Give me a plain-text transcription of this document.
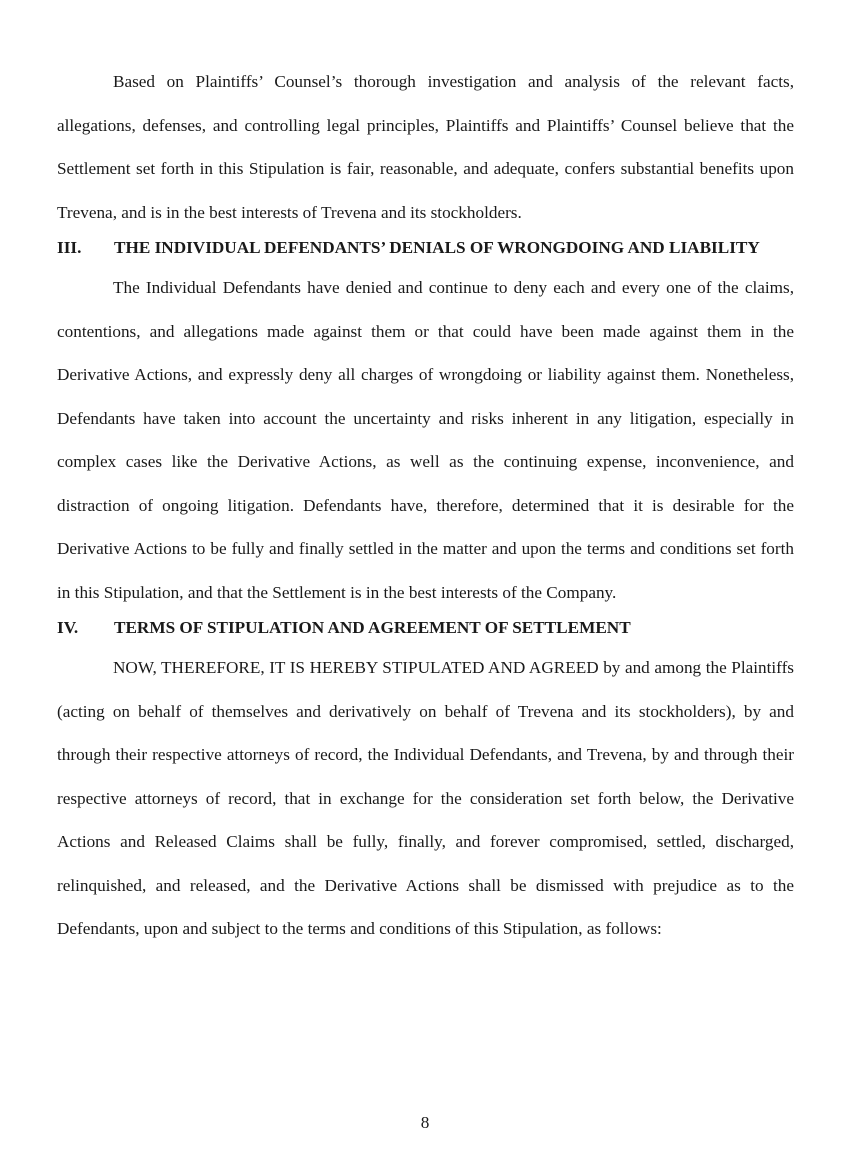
Based on Plaintiffs’ Counsel’s thorough investigation and analysis of the relevant facts, allegations, defenses, and controlling legal principles, Plaintiffs and Plaintiffs’ Counsel believe that the Settlement set forth in this Stipulation is fair, reasonable, and adequate, confers substantial benefits upon Trevena, and is in the best interests of Trevena and its stockholders.

III.	THE INDIVIDUAL DEFENDANTS’ DENIALS OF WRONGDOING AND LIABILITY

The Individual Defendants have denied and continue to deny each and every one of the claims, contentions, and allegations made against them or that could have been made against them in the Derivative Actions, and expressly deny all charges of wrongdoing or liability against them. Nonetheless, Defendants have taken into account the uncertainty and risks inherent in any litigation, especially in complex cases like the Derivative Actions, as well as the continuing expense, inconvenience, and distraction of ongoing litigation. Defendants have, therefore, determined that it is desirable for the Derivative Actions to be fully and finally settled in the matter and upon the terms and conditions set forth in this Stipulation, and that the Settlement is in the best interests of the Company.

IV.	TERMS OF STIPULATION AND AGREEMENT OF SETTLEMENT

NOW, THEREFORE, IT IS HEREBY STIPULATED AND AGREED by and among the Plaintiffs (acting on behalf of themselves and derivatively on behalf of Trevena and its stockholders), by and through their respective attorneys of record, the Individual Defendants, and Trevena, by and through their respective attorneys of record, that in exchange for the consideration set forth below, the Derivative Actions and Released Claims shall be fully, finally, and forever compromised, settled, discharged, relinquished, and released, and the Derivative Actions shall be dismissed with prejudice as to the Defendants, upon and subject to the terms and conditions of this Stipulation, as follows:

8
